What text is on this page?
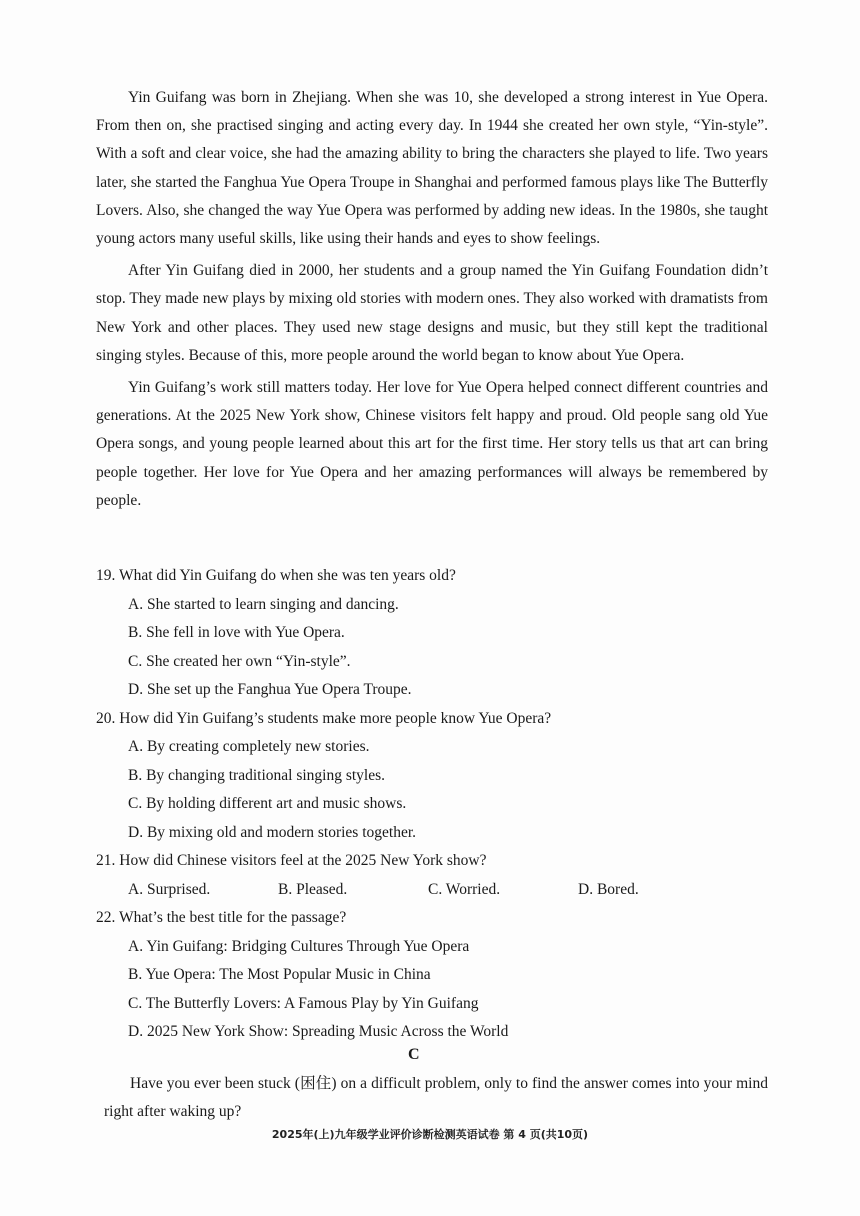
Yin Guifang was born in Zhejiang. When she was 10, she developed a strong interest in Yue Opera. From then on, she practised singing and acting every day. In 1944 she created her own style, “Yin-style”. With a soft and clear voice, she had the amazing ability to bring the characters she played to life. Two years later, she started the Fanghua Yue Opera Troupe in Shanghai and performed famous plays like The Butterfly Lovers. Also, she changed the way Yue Opera was performed by adding new ideas. In the 1980s, she taught young actors many useful skills, like using their hands and eyes to show feelings.

After Yin Guifang died in 2000, her students and a group named the Yin Guifang Foundation didn’t stop. They made new plays by mixing old stories with modern ones. They also worked with dramatists from New York and other places. They used new stage designs and music, but they still kept the traditional singing styles. Because of this, more people around the world began to know about Yue Opera.

Yin Guifang’s work still matters today. Her love for Yue Opera helped connect different countries and generations. At the 2025 New York show, Chinese visitors felt happy and proud. Old people sang old Yue Opera songs, and young people learned about this art for the first time. Her story tells us that art can bring people together. Her love for Yue Opera and her amazing performances will always be remembered by people.

19. What did Yin Guifang do when she was ten years old?

A. She started to learn singing and dancing.

B. She fell in love with Yue Opera.

C. She created her own “Yin-style”.

D. She set up the Fanghua Yue Opera Troupe.

20. How did Yin Guifang’s students make more people know Yue Opera?

A. By creating completely new stories.

B. By changing traditional singing styles.

C. By holding different art and music shows.

D. By mixing old and modern stories together.

21. How did Chinese visitors feel at the 2025 New York show?

A. Surprised.	B. Pleased.	C. Worried.	D. Bored.

22. What’s the best title for the passage?

A. Yin Guifang: Bridging Cultures Through Yue Opera

B. Yue Opera: The Most Popular Music in China

C. The Butterfly Lovers: A Famous Play by Yin Guifang

D. 2025 New York Show: Spreading Music Across the World

C

Have you ever been stuck (困住) on a difficult problem, only to find the answer comes into your mind right after waking up?

2025年(上)九年级学业评价诊断检测英语试卷 第 4 页(共10页)
